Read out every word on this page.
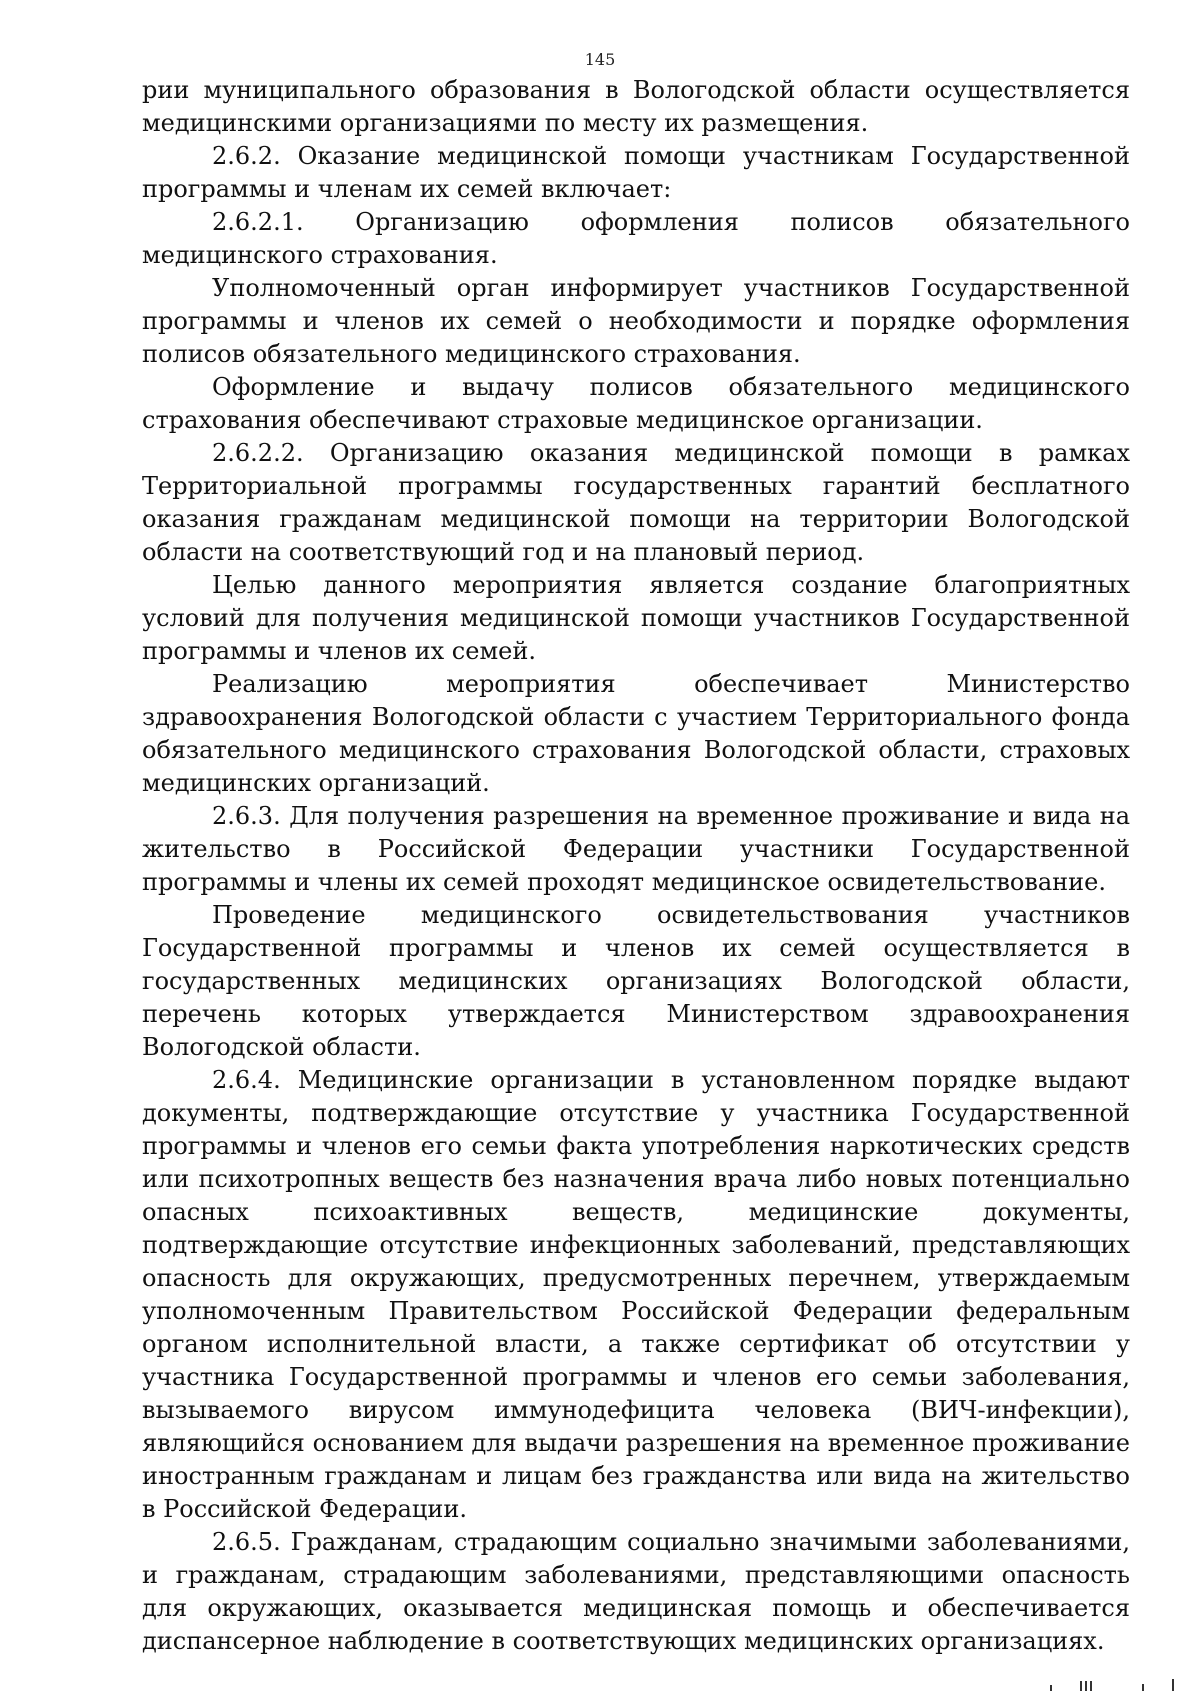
145

рии муниципального образования в Вологодской области осуществляется медицинскими организациями по месту их размещения.

2.6.2. Оказание медицинской помощи участникам Государственной программы и членам их семей включает:

2.6.2.1. Организацию оформления полисов обязательного медицинского страхования.

Уполномоченный орган информирует участников Государственной программы и членов их семей о необходимости и порядке оформления полисов обязательного медицинского страхования.

Оформление и выдачу полисов обязательного медицинского страхования обеспечивают страховые медицинское организации.

2.6.2.2. Организацию оказания медицинской помощи в рамках Территориальной программы государственных гарантий бесплатного оказания гражданам медицинской помощи на территории Вологодской области на соответствующий год и на плановый период.

Целью данного мероприятия является создание благоприятных условий для получения медицинской помощи участников Государственной программы и членов их семей.

Реализацию мероприятия обеспечивает Министерство здравоохранения Вологодской области с участием Территориального фонда обязательного медицинского страхования Вологодской области, страховых медицинских организаций.

2.6.3. Для получения разрешения на временное проживание и вида на жительство в Российской Федерации участники Государственной программы и члены их семей проходят медицинское освидетельствование.

Проведение медицинского освидетельствования участников Государственной программы и членов их семей осуществляется в государственных медицинских организациях Вологодской области, перечень которых утверждается Министерством здравоохранения Вологодской области.

2.6.4. Медицинские организации в установленном порядке выдают документы, подтверждающие отсутствие у участника Государственной программы и членов его семьи факта употребления наркотических средств или психотропных веществ без назначения врача либо новых потенциально опасных психоактивных веществ, медицинские документы, подтверждающие отсутствие инфекционных заболеваний, представляющих опасность для окружающих, предусмотренных перечнем, утверждаемым уполномоченным Правительством Российской Федерации федеральным органом исполнительной власти, а также сертификат об отсутствии у участника Государственной программы и членов его семьи заболевания, вызываемого вирусом иммунодефицита человека (ВИЧ-инфекции), являющийся основанием для выдачи разрешения на временное проживание иностранным гражданам и лицам без гражданства или вида на жительство в Российской Федерации.

2.6.5. Гражданам, страдающим социально значимыми заболеваниями, и гражданам, страдающим заболеваниями, представляющими опасность для окружающих, оказывается медицинская помощь и обеспечивается диспансерное наблюдение в соответствующих медицинских организациях.
